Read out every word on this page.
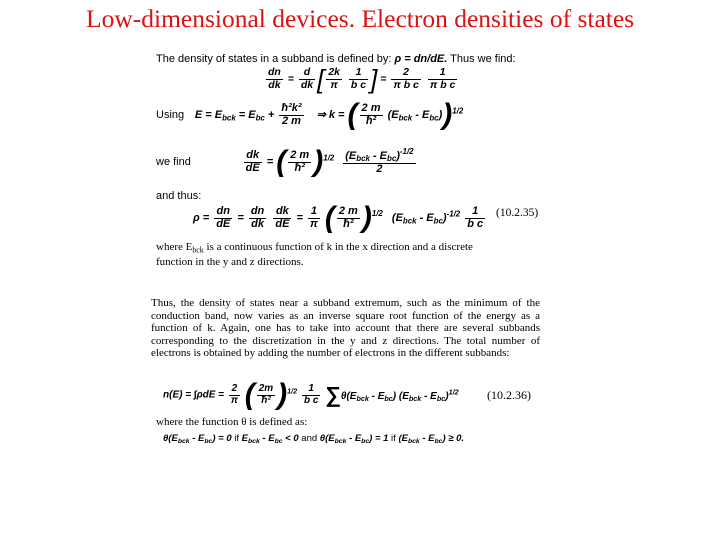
Low-dimensional devices. Electron densities of states
The density of states in a subband is defined by: ρ = dn/dE. Thus we find:
$\frac{dn}{dk} = \frac{d}{dk}$ [ $\frac{2k}{\pi}$
$\frac{1}{\text{b c}}$ ] = $\frac{2}{\text{π b c}}$
$\frac{1}{\text{π b c}}$
Using $E = E_{bck} = E_{bc} + \frac{\text{ħ²k²}}{2 m}$ ⇒ k = ( $\frac{2 m}{\text{ħ²}} (E_{bck} - E_{bc}))^{1/2}$
we find	$\frac{dk}{dE}$ = ( $\frac{2 m}{\text{ħ²}} )^{1/2} \frac{(E_{bck} - E_{bc})^{-1/2}}{2}$
and thus:
$\rho = \frac{dn}{dE} = \frac{dn}{dk}$
$\frac{dk}{dE} = \frac{1}{\pi}$ ( $\frac{2 m}{\text{ħ²}} )^{1/2}$ $(E_{bck} - E_{bc})^{-1/2} \frac{1}{\text{b c}} (10.2.35)$
where $E_{bck}$ is a continuous function of k in the x direction and a discrete
function in the y and z directions.
Thus, the density of states near a subband extremum, such as the minimum of the conduction band, now varies as an inverse square root function of the energy as a function of k. Again, one has to take into account that there are several subbands corresponding to the discretization in the y and z directions. The total number of electrons is obtained by adding the number of electrons in the different subbands:
$n(E) = \int\rho dE = \frac{2}{\pi}$ ( $\frac{2m}{\text{ħ²}} )^{1/2} \frac{1}{\text{b c}} \sum\theta(E_{bck} - E_{bc})$ $(E_{bck} - E_{bc})^{1/2}$ (10.2.36)
where the function θ is defined as:
$\theta(E_{bck} - E_{bc}) = 0$ if $E_{bck} - E_{bc} < 0$ and $\theta(E_{bck} - E_{bc}) = 1$ if $(E_{bck} - E_{bc}) \ge 0$.
